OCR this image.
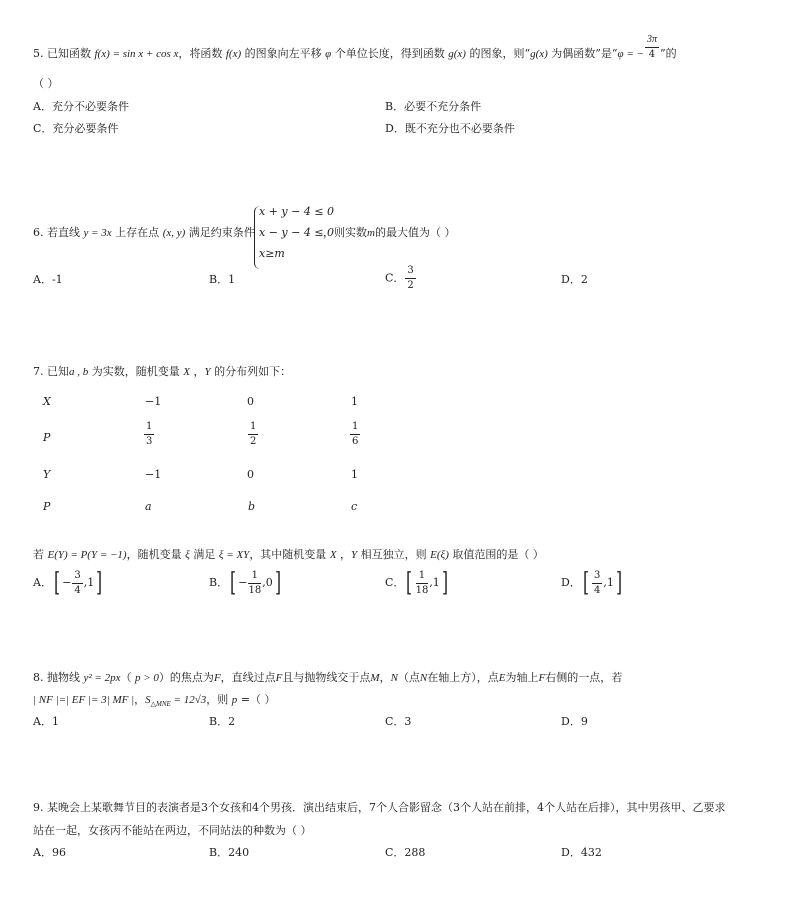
5. 已知函数 f(x) = sin x + cos x，将函数 f(x) 的图象向左平移 φ 个单位长度，得到函数 g(x) 的图象，则“g(x) 为偶函数”是“φ = − $\frac{3\pi}{4}$ ”的
（ ）
A．充分不必要条件	B．必要不充分条件
C．充分必要条件	D．既不充分也不必要条件
6. 若直线 y = 3x 上存在点 (x, y) 满足约束条件
x + y − 4 ≤ 0
x − y − 4 ≤ 0
x≥m
，则实数m的最大值为（ ）
A．-1	B．1	C． $\frac{3}{2}$	D．2
7. 已知a , b 为实数，随机变量 X ，Y 的分布列如下：
X	−1	0	1
P	$\frac{1}{3}$	$\frac{1}{2}$	$\frac{1}{6}$
Y	−1	0	1
P	a	b	c
若 E(Y) = P(Y = −1)，随机变量 ξ 满足 ξ = XY，其中随机变量 X ，Y 相互独立，则 E(ξ) 取值范围的是（ ）
A．[ − $\frac{3}{4} ,1$]	B．[ − $\frac{1}{18} ,0$]	C．[ $\frac{1}{18} ,1$]	D．[ $\frac{3}{4} ,1$]
8. 抛物线 y² = 2px（ p > 0）的焦点为F，直线过点F且与抛物线交于点M，N（点N在轴上方），点E为轴上F右侧的一点，若
| NF |=| EF |= 3| MF |，$S_{\triangle MNE} = 12√3$，则 p =（ ）
A．1	B．2	C．3	D．9
9. 某晚会上某歌舞节目的表演者是3个女孩和4个男孩．演出结束后，7个人合影留念（3个人站在前排，4个人站在后排），其中男孩甲、乙要求
站在一起，女孩丙不能站在两边，不同站法的种数为（ ）
A．96	B．240	C．288	D．432
